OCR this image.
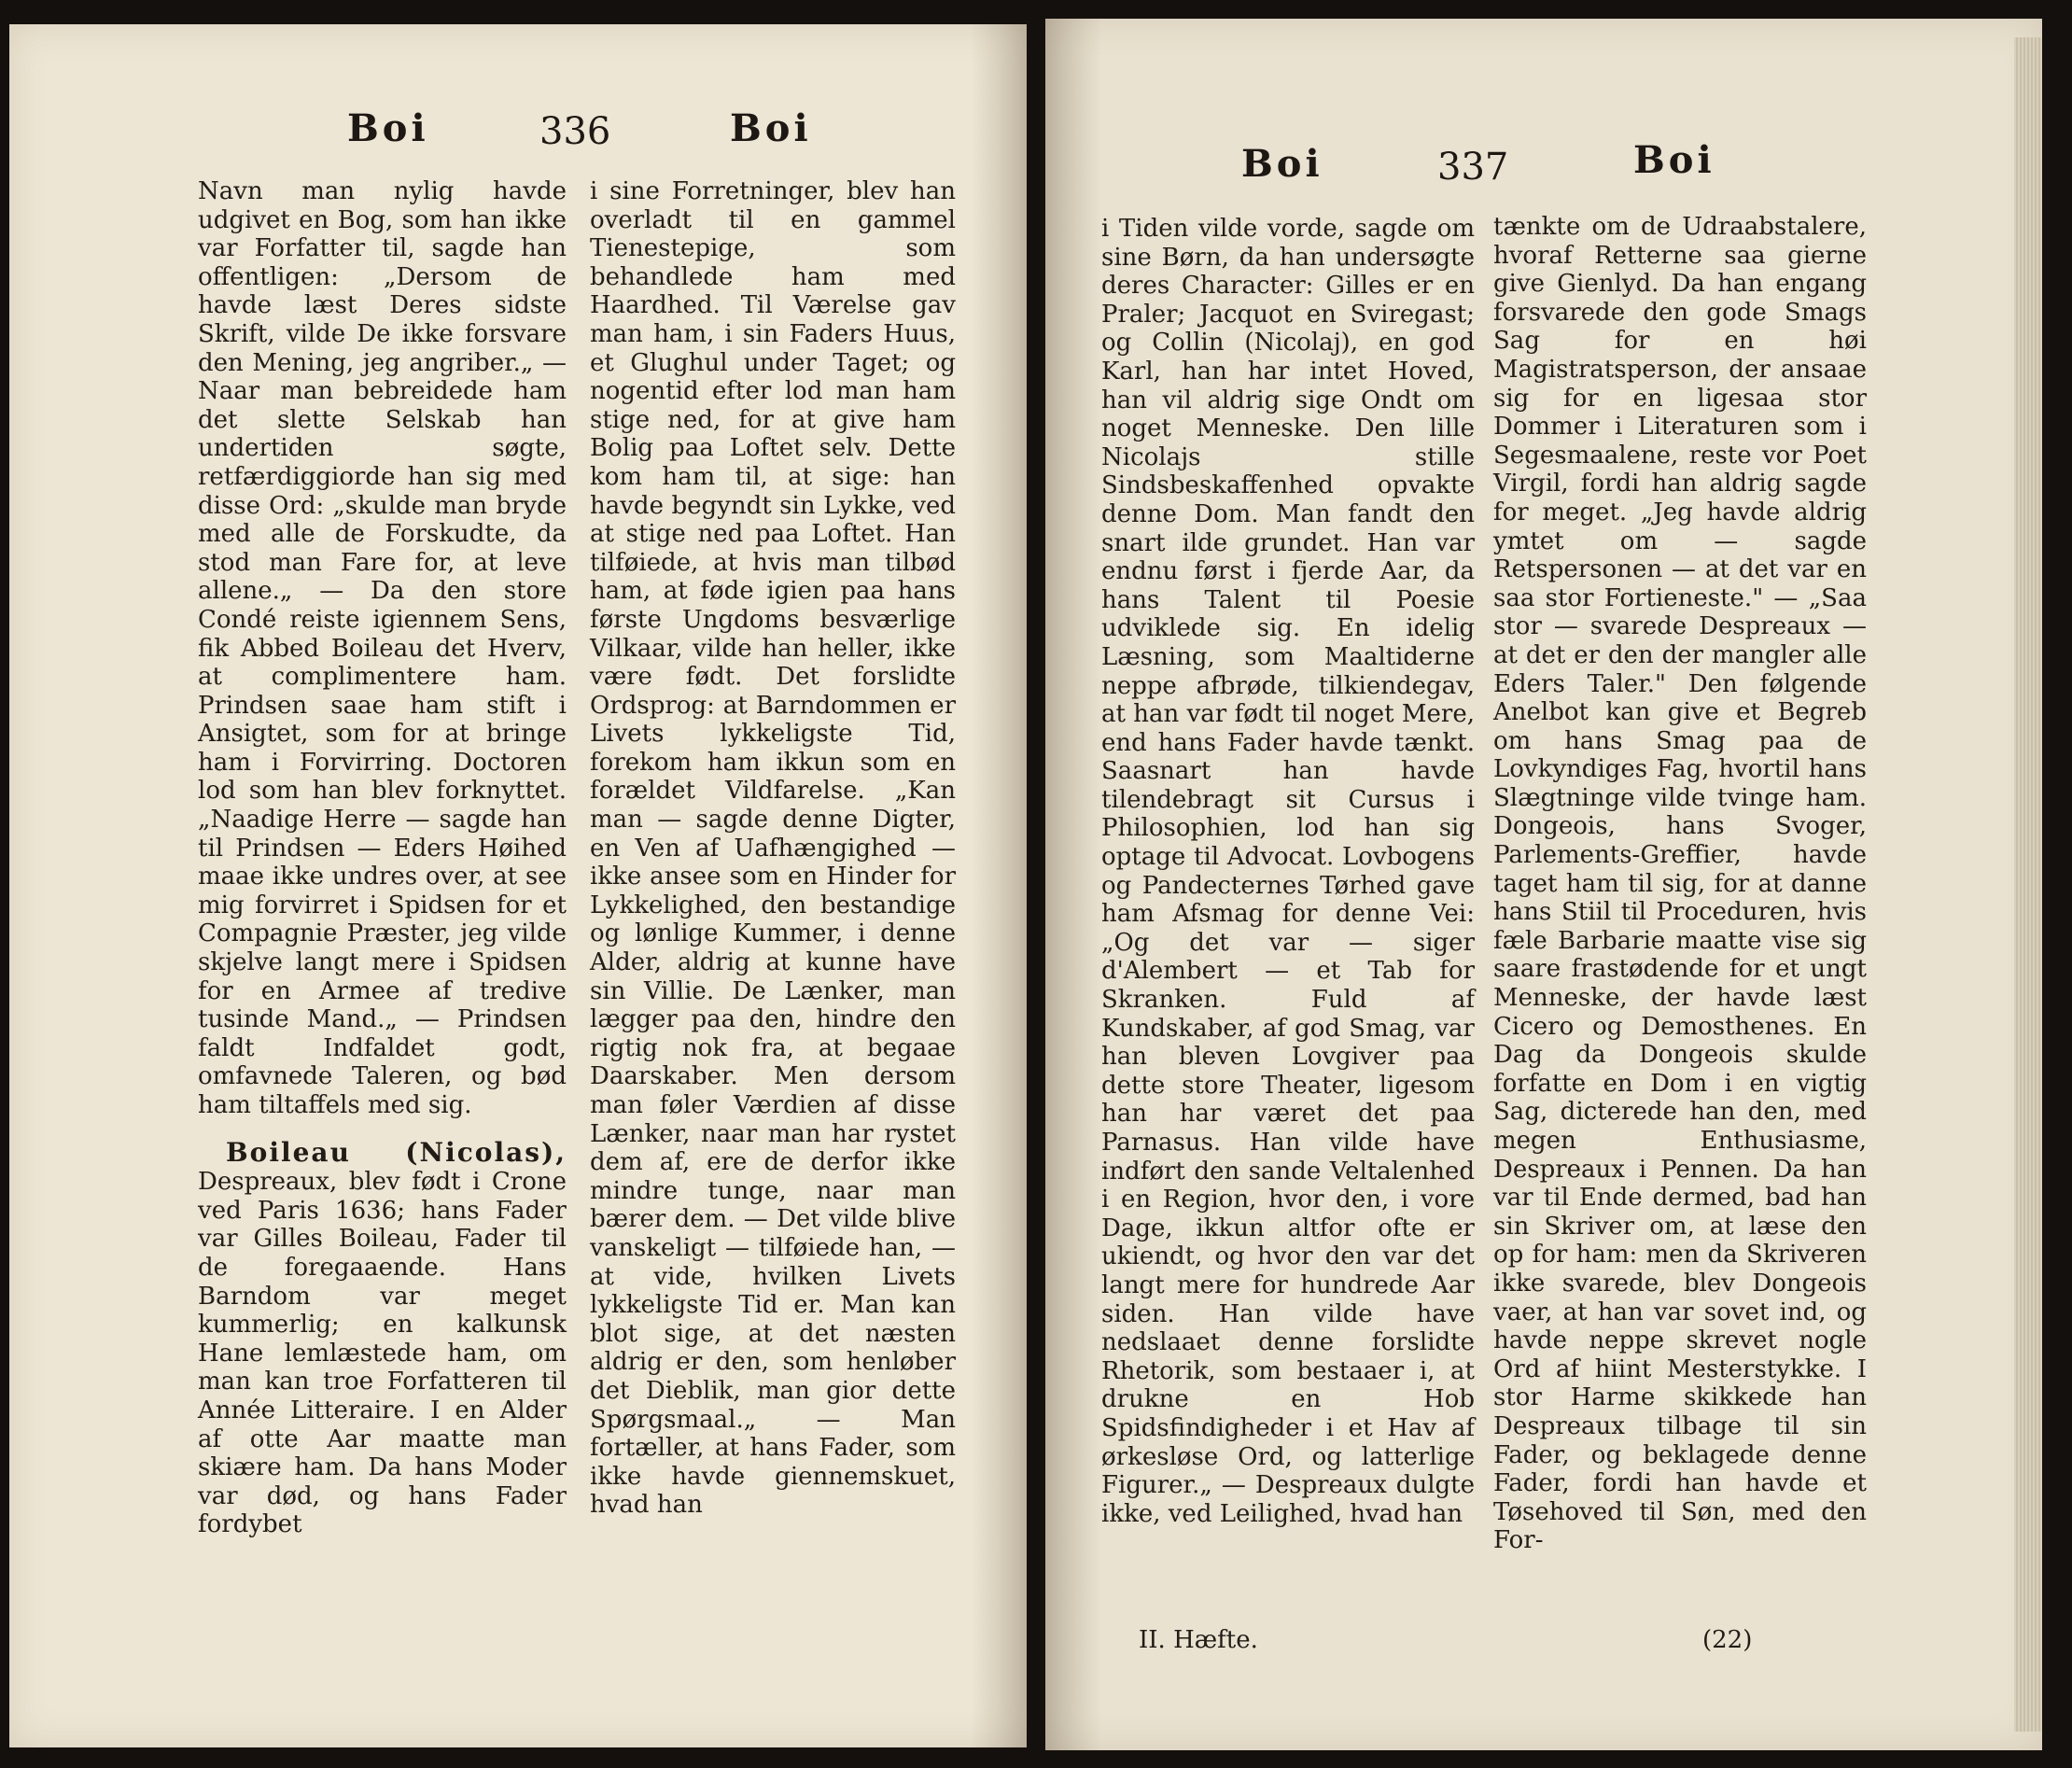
Boi	336	Boi

Navn man nylig havde udgivet en Bog, som han ikke var Forfatter til, sagde han offentligen: „Dersom de havde læst Deres sidste Skrift, vilde De ikke forsvare den Mening, jeg angriber.„ — Naar man bebreidede ham det slette Selskab han undertiden søgte, retfærdiggiorde han sig med disse Ord: „skulde man bryde med alle de Forskudte, da stod man Fare for, at leve allene.„ — Da den store Condé reiste igiennem Sens, fik Abbed Boileau det Hverv, at complimentere ham. Prindsen saae ham stift i Ansigtet, som for at bringe ham i Forvirring. Doctoren lod som han blev forknyttet. „Naadige Herre — sagde han til Prindsen — Eders Høihed maae ikke undres over, at see mig forvirret i Spidsen for et Compagnie Præster, jeg vilde skjelve langt mere i Spidsen for en Armee af tredive tusinde Mand.„ — Prindsen faldt Indfaldet godt, omfavnede Taleren, og bød ham tiltaffels med sig.

Boileau (Nicolas), Despreaux, blev født i Crone ved Paris 1636; hans Fader var Gilles Boileau, Fader til de foregaaende. Hans Barndom var meget kummerlig; en kalkunsk Hane lemlæstede ham, om man kan troe Forfatteren til Année Litteraire. I en Alder af otte Aar maatte man skiære ham. Da hans Moder var død, og hans Fader fordybet

i sine Forretninger, blev han overladt til en gammel Tienestepige, som behandlede ham med Haardhed. Til Værelse gav man ham, i sin Faders Huus, et Glughul under Taget; og nogentid efter lod man ham stige ned, for at give ham Bolig paa Loftet selv. Dette kom ham til, at sige: han havde begyndt sin Lykke, ved at stige ned paa Loftet. Han tilføiede, at hvis man tilbød ham, at føde igien paa hans første Ungdoms besværlige Vilkaar, vilde han heller, ikke være født. Det forslidte Ordsprog: at Barndommen er Livets lykkeligste Tid, forekom ham ikkun som en forældet Vildfarelse. „Kan man — sagde denne Digter, en Ven af Uafhængighed — ikke ansee som en Hinder for Lykkelighed, den bestandige og lønlige Kummer, i denne Alder, aldrig at kunne have sin Villie. De Lænker, man lægger paa den, hindre den rigtig nok fra, at begaae Daarskaber. Men dersom man føler Værdien af disse Lænker, naar man har rystet dem af, ere de derfor ikke mindre tunge, naar man bærer dem. — Det vilde blive vanskeligt — tilføiede han, — at vide, hvilken Livets lykkeligste Tid er. Man kan blot sige, at det næsten aldrig er den, som henløber det Dieblik, man gior dette Spørgsmaal.„ — Man fortæller, at hans Fader, som ikke havde giennemskuet, hvad han

Boi	337	Boi

i Tiden vilde vorde, sagde om sine Børn, da han undersøgte deres Character: Gilles er en Praler; Jacquot en Sviregast; og Collin (Nicolaj), en god Karl, han har intet Hoved, han vil aldrig sige Ondt om noget Menneske. Den lille Nicolajs stille Sindsbeskaffenhed opvakte denne Dom. Man fandt den snart ilde grundet. Han var endnu først i fjerde Aar, da hans Talent til Poesie udviklede sig. En idelig Læsning, som Maaltiderne neppe afbrøde, tilkiendegav, at han var født til noget Mere, end hans Fader havde tænkt. Saasnart han havde tilendebragt sit Cursus i Philosophien, lod han sig optage til Advocat. Lovbogens og Pandecternes Tørhed gave ham Afsmag for denne Vei: „Og det var — siger d'Alembert — et Tab for Skranken. Fuld af Kundskaber, af god Smag, var han bleven Lovgiver paa dette store Theater, ligesom han har været det paa Parnasus. Han vilde have indført den sande Veltalenhed i en Region, hvor den, i vore Dage, ikkun altfor ofte er ukiendt, og hvor den var det langt mere for hundrede Aar siden. Han vilde have nedslaaet denne forslidte Rhetorik, som bestaaer i, at drukne en Hob Spidsfindigheder i et Hav af ørkesløse Ord, og latterlige Figurer.„ — Despreaux dulgte ikke, ved Leilighed, hvad han

tænkte om de Udraabstalere, hvoraf Retterne saa gierne give Gienlyd. Da han engang forsvarede den gode Smags Sag for en høi Magistratsperson, der ansaae sig for en ligesaa stor Dommer i Literaturen som i Segesmaalene, reste vor Poet Virgil, fordi han aldrig sagde for meget. „Jeg havde aldrig ymtet om — sagde Retspersonen — at det var en saa stor Fortieneste." — „Saa stor — svarede Despreaux — at det er den der mangler alle Eders Taler." Den følgende Anelbot kan give et Begreb om hans Smag paa de Lovkyndiges Fag, hvortil hans Slægtninge vilde tvinge ham. Dongeois, hans Svoger, Parlements-Greffier, havde taget ham til sig, for at danne hans Stiil til Proceduren, hvis fæle Barbarie maatte vise sig saare frastødende for et ungt Menneske, der havde læst Cicero og Demosthenes. En Dag da Dongeois skulde forfatte en Dom i en vigtig Sag, dicterede han den, med megen Enthusiasme, Despreaux i Pennen. Da han var til Ende dermed, bad han sin Skriver om, at læse den op for ham: men da Skriveren ikke svarede, blev Dongeois vaer, at han var sovet ind, og havde neppe skrevet nogle Ord af hiint Mesterstykke. I stor Harme skikkede han Despreaux tilbage til sin Fader, og beklagede denne Fader, fordi han havde et Tøsehoved til Søn, med den For-

II. Hæfte.	(22)
